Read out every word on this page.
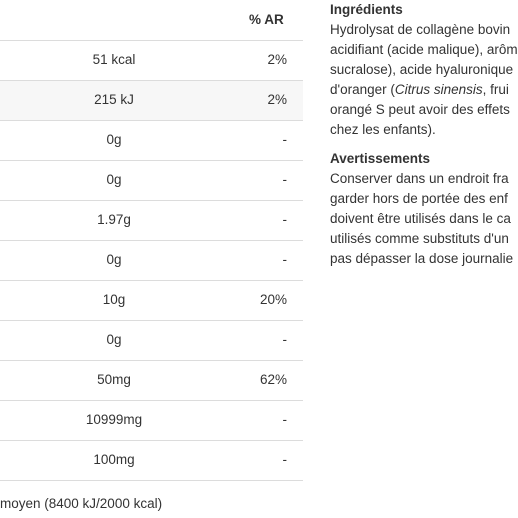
% AR
51 kcal	2%
215 kJ	2%
0g	-
0g	-
1.97g	-
0g	-
10g	20%
0g	-
50mg	62%
10999mg	-
100mg	-
moyen (8400 kJ/2000 kcal)
Ingrédients
Hydrolysat de collagène bovin
acidifiant (acide malique), arôm
sucralose), acide hyaluronique
d'oranger (Citrus sinensis, frui
orangé S peut avoir des effets
chez les enfants).
Avertissements
Conserver dans un endroit fra
garder hors de portée des enf
doivent être utilisés dans le ca
utilisés comme substituts d'un
pas dépasser la dose journalie
